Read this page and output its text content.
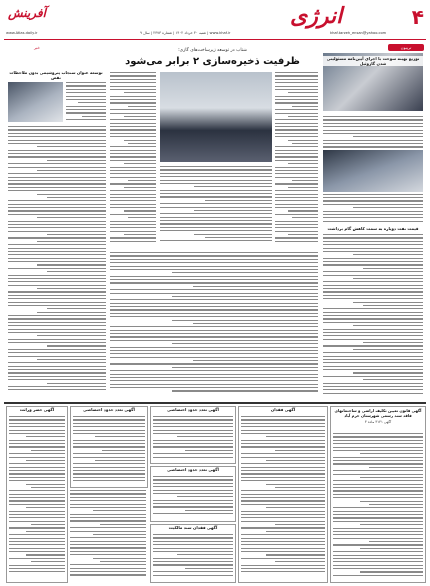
۴
انرژی
khaf.tarzeh_ensan@yahoo.com
شنبه ۳۰ خرداد ۱۴۰۲ | شماره ۲۳۷۳ | سال ۹ | www.khaf.ir
www.Atlas.daily.ir
آفرینش
تریبون
خبر
توزیع بهینه سوخت با اجرای آیین‌نامه مسئولیتی شدن گازوئیل
شتاب در توسعه زیرساخت‌های گازی؛
ظرفیت ذخیره‌سازی ۲ برابر می‌شود
توسعه عنوان سنجاب پتروشیمی بدون ملاحظات نقض
قیمت نفت دوباره به سمت کاهش گام برداشت
آگهی قانون تعیین تکلیف اراضی و ساختمانهای فاقد سند رسمی شهرستان خرم آباد
آگهی ۳۱۴۱ ماده ۳
آگهی فقدان
آگهی تعدد حدود اختصاصی
آگهی تعدد حدود اختصاصی
آگهی فقدان سند مالکیت
آگهی تعدد حدود اختصاصی
آگهی حصر وراثت
